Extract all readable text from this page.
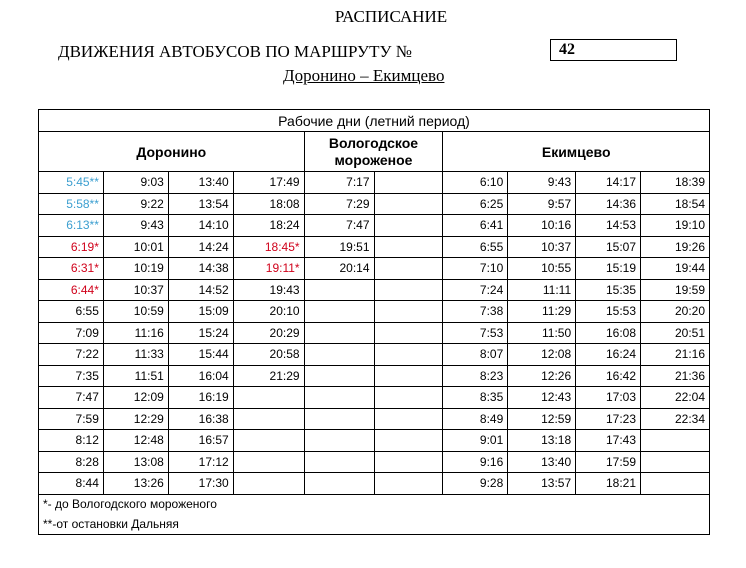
РАСПИСАНИЕ
ДВИЖЕНИЯ АВТОБУСОВ ПО МАРШРУТУ №	42
Доронино – Екимцево
Рабочие дни (летний период)									
Доронино				Вологодское мороженое		Екимцево			
5:45**	9:03	13:40	17:49	7:17		6:10	9:43	14:17	18:39
5:58**	9:22	13:54	18:08	7:29		6:25	9:57	14:36	18:54
6:13**	9:43	14:10	18:24	7:47		6:41	10:16	14:53	19:10
6:19*	10:01	14:24	18:45*	19:51		6:55	10:37	15:07	19:26
6:31*	10:19	14:38	19:11*	20:14		7:10	10:55	15:19	19:44
6:44*	10:37	14:52	19:43			7:24	11:11	15:35	19:59
6:55	10:59	15:09	20:10			7:38	11:29	15:53	20:20
7:09	11:16	15:24	20:29			7:53	11:50	16:08	20:51
7:22	11:33	15:44	20:58			8:07	12:08	16:24	21:16
7:35	11:51	16:04	21:29			8:23	12:26	16:42	21:36
7:47	12:09	16:19				8:35	12:43	17:03	22:04
7:59	12:29	16:38				8:49	12:59	17:23	22:34
8:12	12:48	16:57				9:01	13:18	17:43	
8:28	13:08	17:12				9:16	13:40	17:59	
8:44	13:26	17:30				9:28	13:57	18:21	
*- до Вологодского мороженого									
**-от остановки Дальняя									
